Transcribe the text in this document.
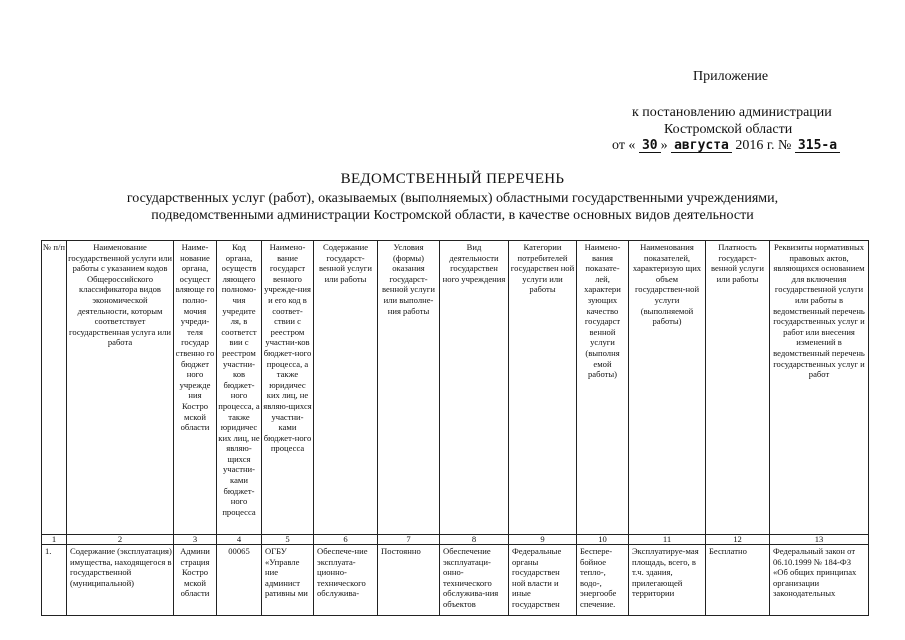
Приложение
к постановлению администрации
Костромской области
от « 30 » августа 2016 г. № 315-а
ВЕДОМСТВЕННЫЙ ПЕРЕЧЕНЬ
государственных услуг (работ), оказываемых (выполняемых) областными государственными учреждениями,
подведомственными администрации Костромской области, в качестве основных видов деятельности
№ п/п	Наименование государственной услуги или работы с указанием кодов Общероссийского классификатора видов экономической деятельности, которым соответствует государственная услуга или работа	Наиме-нование органа, осущест вляюще го полно-мочия учреди-теля государ ственно го бюджет ного учрежде ния Костро мской области	Код органа, осуществ ляющего полномо-чия учредите ля, в соответст вии с реестром участни-ков бюджет-ного процесса, а также юридичес ких лиц, не являю-щихся участни-ками бюджет-ного процесса	Наимено-вание государст венного учрежде-ния и его код в соответ-ствии с реестром участни-ков бюджет-ного процесса, а также юридичес ких лиц, не являю-щихся участни-ками бюджет-ного процесса	Содержание государст-венной услуги или работы	Условия (формы) оказания государст-венной услуги или выполне-ния работы	Вид деятельности государствен ного учреждения	Категории потребителей государствен ной услуги или работы	Наимено-вания показате-лей, характери зующих качество государст венной услуги (выполня емой работы)	Наименования показателей, характеризую щих объем государствен-ной услуги (выполняемой работы)	Платность государст-венной услуги или работы	Реквизиты нормативных правовых актов, являющихся основанием для включения государственной услуги или работы в ведомственный перечень государственных услуг и работ или внесения изменений в ведомственный перечень государственных услуг и работ
1	2	3	4	5	6	7	8	9	10	11	12	13
1.	Содержание (эксплуатация) имущества, находящегося в государственной (муниципальной)	Админи страция Костро мской области	00065	ОГБУ «Управле ние админист ративны ми	Обеспече-ние эксплуата-ционно-технического обслужива-	Постоянно	Обеспечение эксплуатаци-онно-технического обслужива-ния объектов	Федеральные органы государствен ной власти и иные государствен	Беспере-бойное тепло-, водо-, энергообе спечение.	Эксплуатируе-мая площадь, всего, в т.ч. здания, прилегающей территории	Бесплатно	Федеральный закон от 06.10.1999 № 184-ФЗ «Об общих принципах организации законодательных
